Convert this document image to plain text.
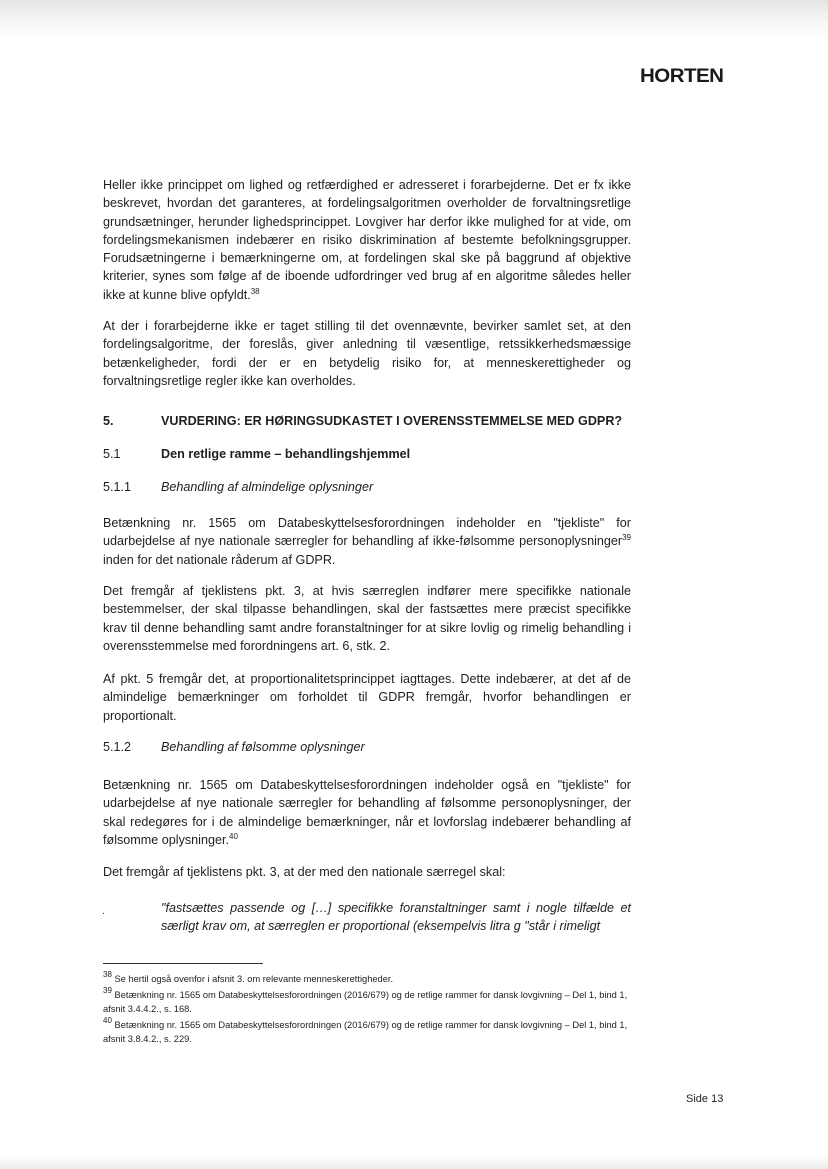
HORTEN

Heller ikke princippet om lighed og retfærdighed er adresseret i forarbejderne. Det er fx ikke beskrevet, hvordan det garanteres, at fordelingsalgoritmen overholder de forvaltningsretlige grundsætninger, herunder lighedsprincippet. Lovgiver har derfor ikke mulighed for at vide, om fordelingsmekanismen indebærer en risiko diskrimination af bestemte befolkningsgrupper. Forudsætningerne i bemærkningerne om, at fordelingen skal ske på baggrund af objektive kriterier, synes som følge af de iboende udfordringer ved brug af en algoritme således heller ikke at kunne blive opfyldt.$^{38}$

At der i forarbejderne ikke er taget stilling til det ovennævnte, bevirker samlet set, at den fordelingsalgoritme, der foreslås, giver anledning til væsentlige, retssikkerhedsmæssige betænkeligheder, fordi der er en betydelig risiko for, at menneskerettigheder og forvaltningsretlige regler ikke kan overholdes.

5.	VURDERING: ER HØRINGSUDKASTET I OVERENSSTEMMELSE MED GDPR?
5.1	Den retlige ramme – behandlingshjemmel
5.1.1 Behandling af almindelige oplysninger

Betænkning nr. 1565 om Databeskyttelsesforordningen indeholder en "tjekliste" for udarbejdelse af nye nationale særregler for behandling af ikke-følsomme personoplysninger$^{39}$ inden for det nationale råderum af GDPR.

Det fremgår af tjeklistens pkt. 3, at hvis særreglen indfører mere specifikke nationale bestemmelser, der skal tilpasse behandlingen, skal der fastsættes mere præcist specifikke krav til denne behandling samt andre foranstaltninger for at sikre lovlig og rimelig behandling i overensstemmelse med forordningens art. 6, stk. 2.

Af pkt. 5 fremgår det, at proportionalitetsprincippet iagttages. Dette indebærer, at det af de almindelige bemærkninger om forholdet til GDPR fremgår, hvorfor behandlingen er proportionalt.

5.1.2 Behandling af følsomme oplysninger

Betænkning nr. 1565 om Databeskyttelsesforordningen indeholder også en "tjekliste" for udarbejdelse af nye nationale særregler for behandling af følsomme personoplysninger, der skal redegøres for i de almindelige bemærkninger, når et lovforslag indebærer behandling af følsomme oplysninger.$^{40}$

Det fremgår af tjeklistens pkt. 3, at der med den nationale særregel skal:

.	"fastsættes passende og […] specifikke foranstaltninger samt i nogle tilfælde et særligt krav om, at særreglen er proportional (eksempelvis litra g "står i rimeligt
$^{38}$ Se hertil også ovenfor i afsnit 3. om relevante menneskerettigheder.
$^{39}$ Betænkning nr. 1565 om Databeskyttelsesforordningen (2016/679) og de retlige rammer for dansk lovgivning – Del 1, bind 1, afsnit 3.4.4.2., s. 168.
$^{40}$ Betænkning nr. 1565 om Databeskyttelsesforordningen (2016/679) og de retlige rammer for dansk lovgivning – Del 1, bind 1, afsnit 3.8.4.2., s. 229.
Side 13
